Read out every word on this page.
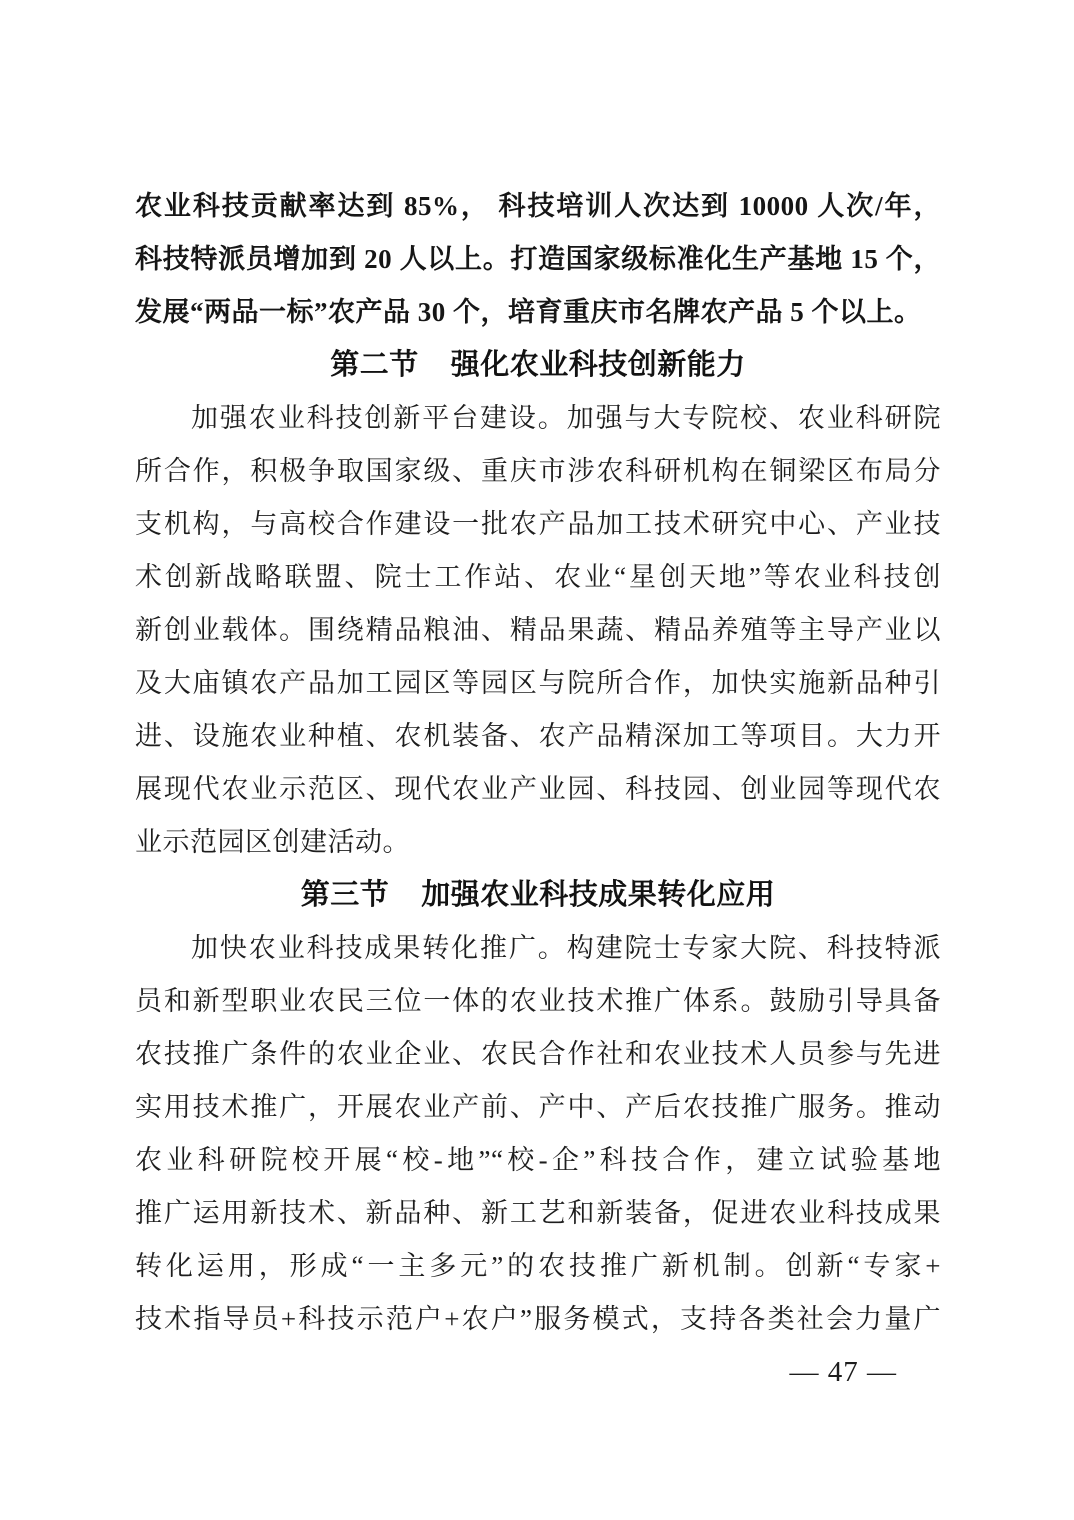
农业科技贡献率达到 85%， 科技培训人次达到 10000 人次/年，
科技特派员增加到 20 人以上。打造国家级标准化生产基地 15 个，
发展“两品一标”农产品 30 个，培育重庆市名牌农产品 5 个以上。
第二节 强化农业科技创新能力
加强农业科技创新平台建设。加强与大专院校、农业科研院
所合作，积极争取国家级、重庆市涉农科研机构在铜梁区布局分
支机构，与高校合作建设一批农产品加工技术研究中心、产业技
术创新战略联盟、院士工作站、农业“星创天地”等农业科技创
新创业载体。围绕精品粮油、精品果蔬、精品养殖等主导产业以
及大庙镇农产品加工园区等园区与院所合作，加快实施新品种引
进、设施农业种植、农机装备、农产品精深加工等项目。大力开
展现代农业示范区、现代农业产业园、科技园、创业园等现代农
业示范园区创建活动。
第三节 加强农业科技成果转化应用
加快农业科技成果转化推广。构建院士专家大院、科技特派
员和新型职业农民三位一体的农业技术推广体系。鼓励引导具备
农技推广条件的农业企业、农民合作社和农业技术人员参与先进
实用技术推广，开展农业产前、产中、产后农技推广服务。推动
农业科研院校开展“校-地”“校-企”科技合作，建立试验基地
推广运用新技术、新品种、新工艺和新装备，促进农业科技成果
转化运用，形成“一主多元”的农技推广新机制。创新“专家+
技术指导员+科技示范户+农户”服务模式，支持各类社会力量广
— 47 —
